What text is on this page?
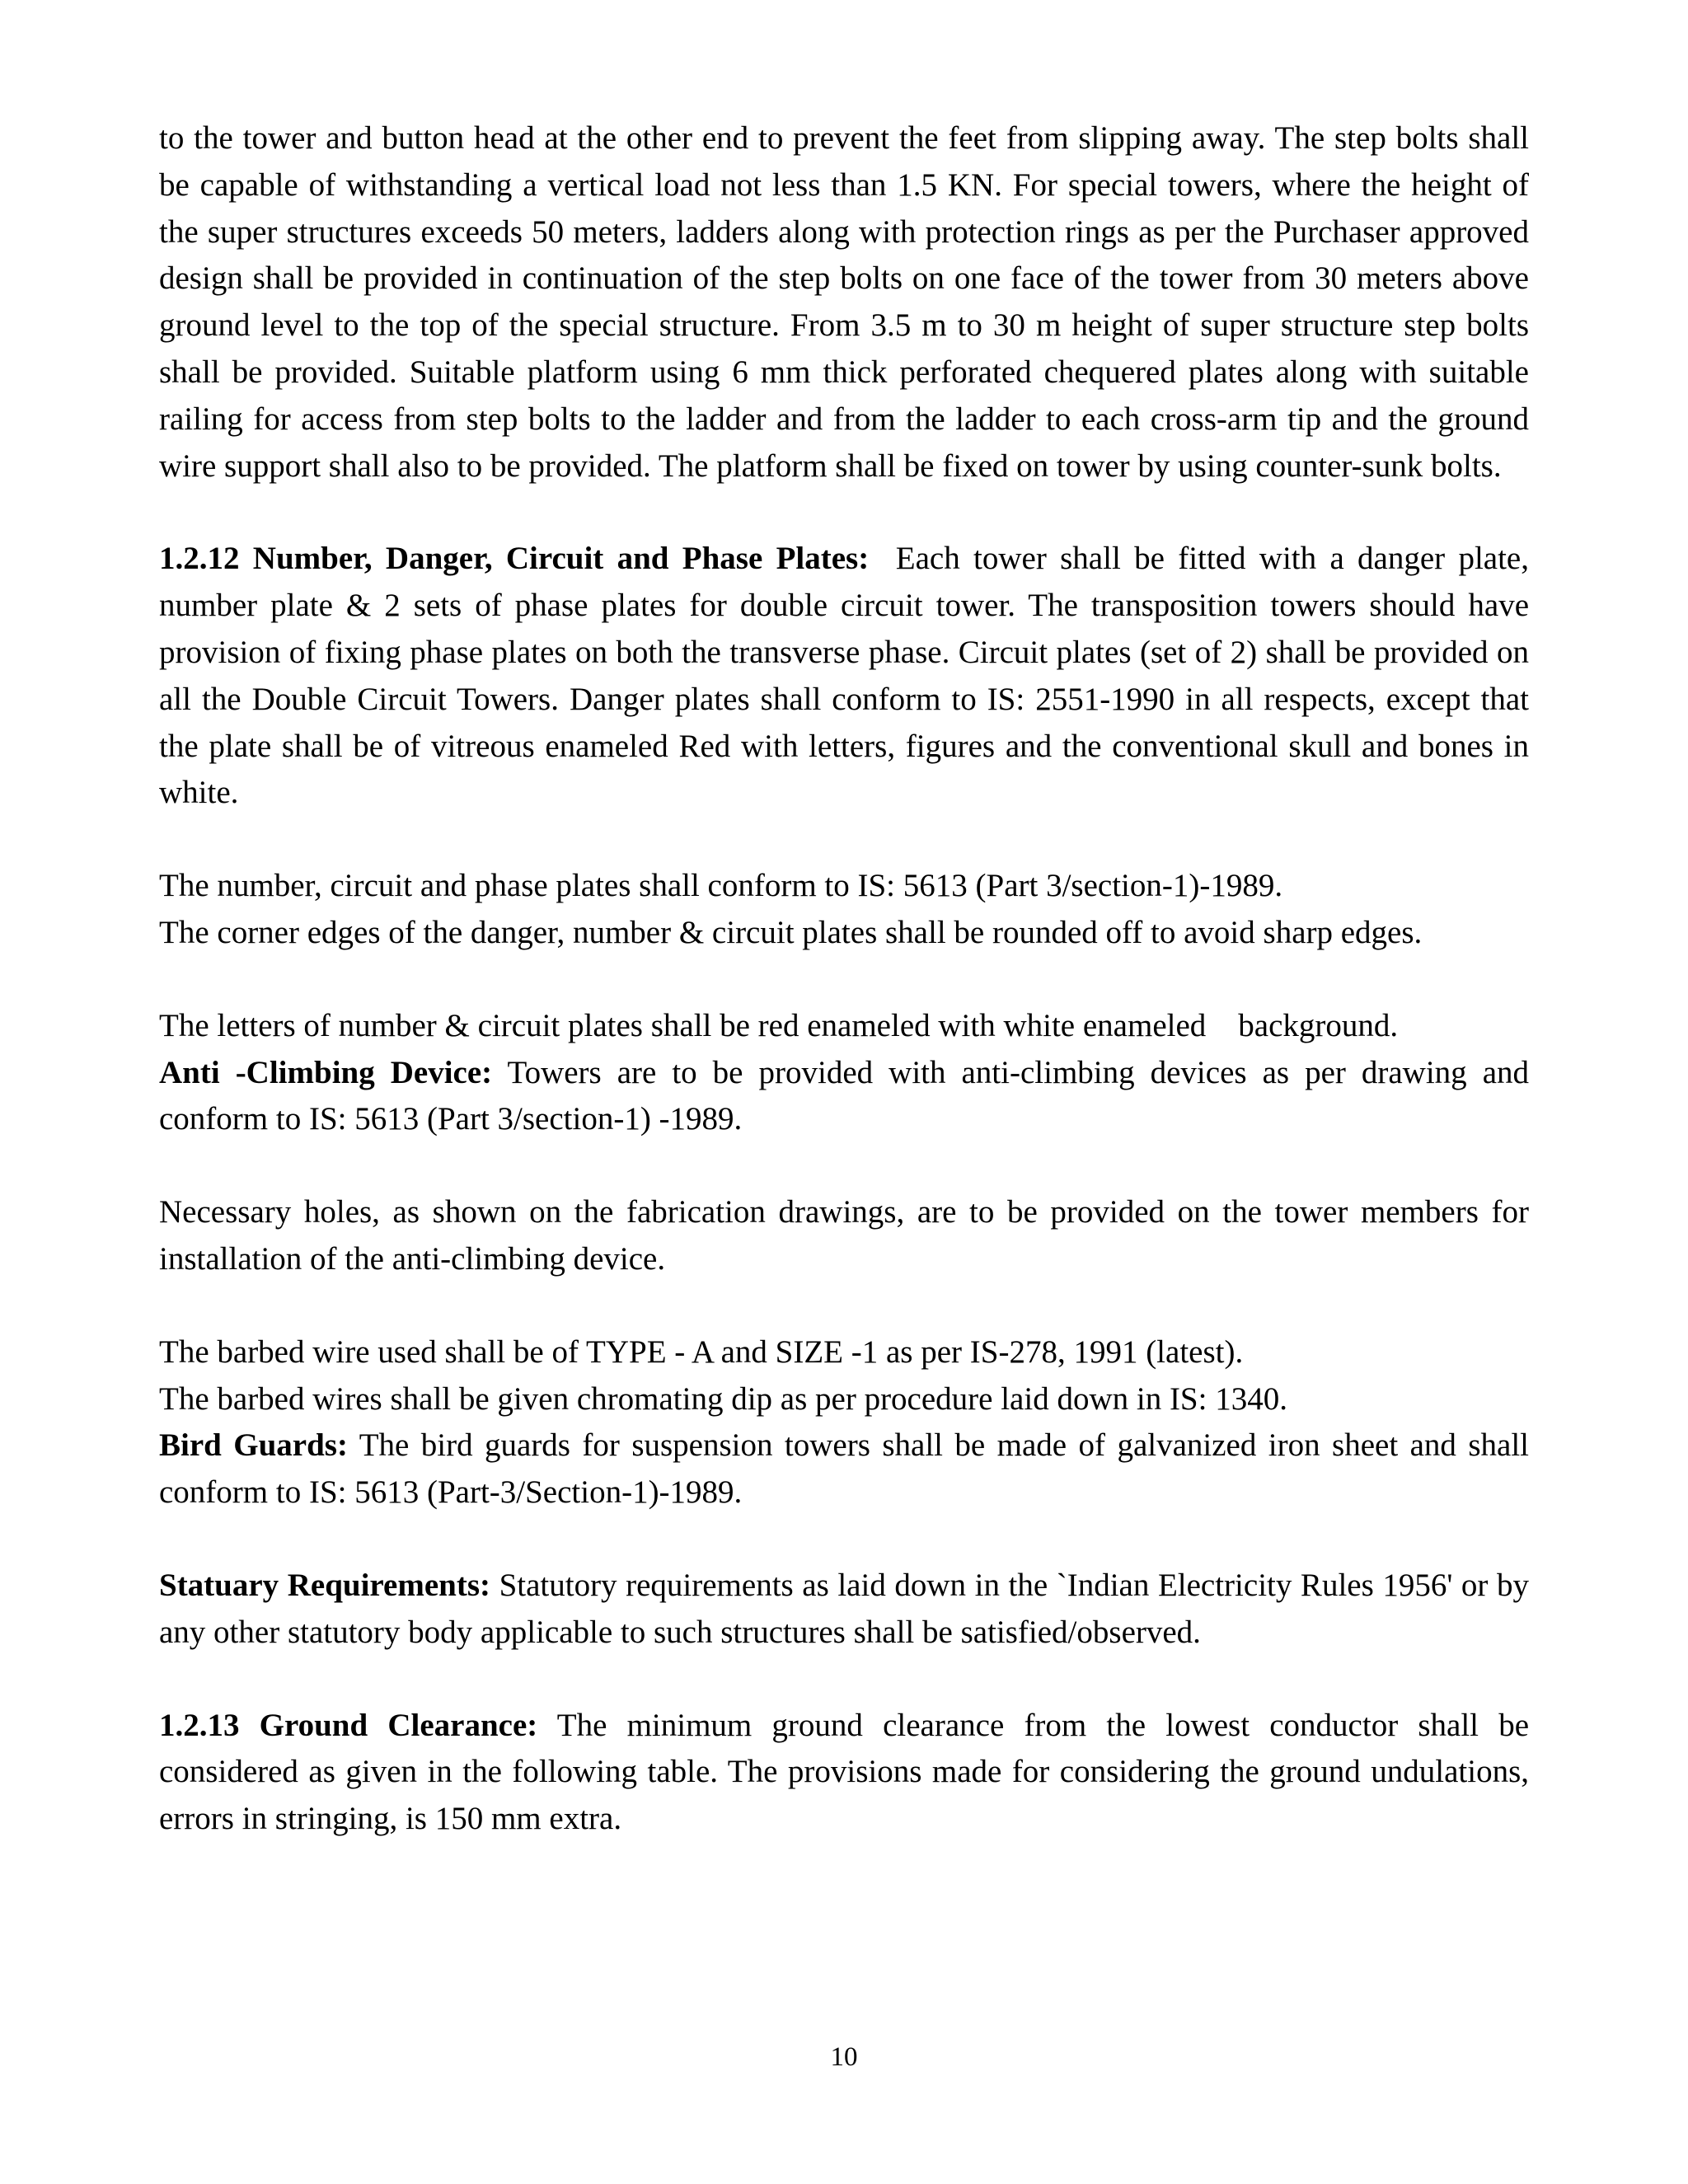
to the tower and button head at the other end to prevent the feet from slipping away. The step bolts shall be capable of withstanding a vertical load not less than 1.5 KN. For special towers, where the height of the super structures exceeds 50 meters, ladders along with protection rings as per the Purchaser approved design shall be provided in continuation of the step bolts on one face of the tower from 30 meters above ground level to the top of the special structure. From 3.5 m to 30 m height of super structure step bolts shall be provided. Suitable platform using 6 mm thick perforated chequered plates along with suitable railing for access from step bolts to the ladder and from the ladder to each cross-arm tip and the ground wire support shall also to be provided. The platform shall be fixed on tower by using counter-sunk bolts.

1.2.12 Number, Danger, Circuit and Phase Plates: Each tower shall be fitted with a danger plate, number plate & 2 sets of phase plates for double circuit tower. The transposition towers should have provision of fixing phase plates on both the transverse phase. Circuit plates (set of 2) shall be provided on all the Double Circuit Towers. Danger plates shall conform to IS: 2551-1990 in all respects, except that the plate shall be of vitreous enameled Red with letters, figures and the conventional skull and bones in white.

The number, circuit and phase plates shall conform to IS: 5613 (Part 3/section-1)-1989.

The corner edges of the danger, number & circuit plates shall be rounded off to avoid sharp edges.

The letters of number & circuit plates shall be red enameled with white enameled    background.

Anti -Climbing Device: Towers are to be provided with anti-climbing devices as per drawing and conform to IS: 5613 (Part 3/section-1) -1989.

Necessary holes, as shown on the fabrication drawings, are to be provided on the tower members for installation of the anti-climbing device.

The barbed wire used shall be of TYPE - A and SIZE -1 as per IS-278, 1991 (latest).

The barbed wires shall be given chromating dip as per procedure laid down in IS: 1340.

Bird Guards: The bird guards for suspension towers shall be made of galvanized iron sheet and shall conform to IS: 5613 (Part-3/Section-1)-1989.

Statuary Requirements: Statutory requirements as laid down in the `Indian Electricity Rules 1956' or by any other statutory body applicable to such structures shall be satisfied/observed.

1.2.13 Ground Clearance: The minimum ground clearance from the lowest conductor shall be considered as given in the following table. The provisions made for considering the ground undulations, errors in stringing, is 150 mm extra.

10
